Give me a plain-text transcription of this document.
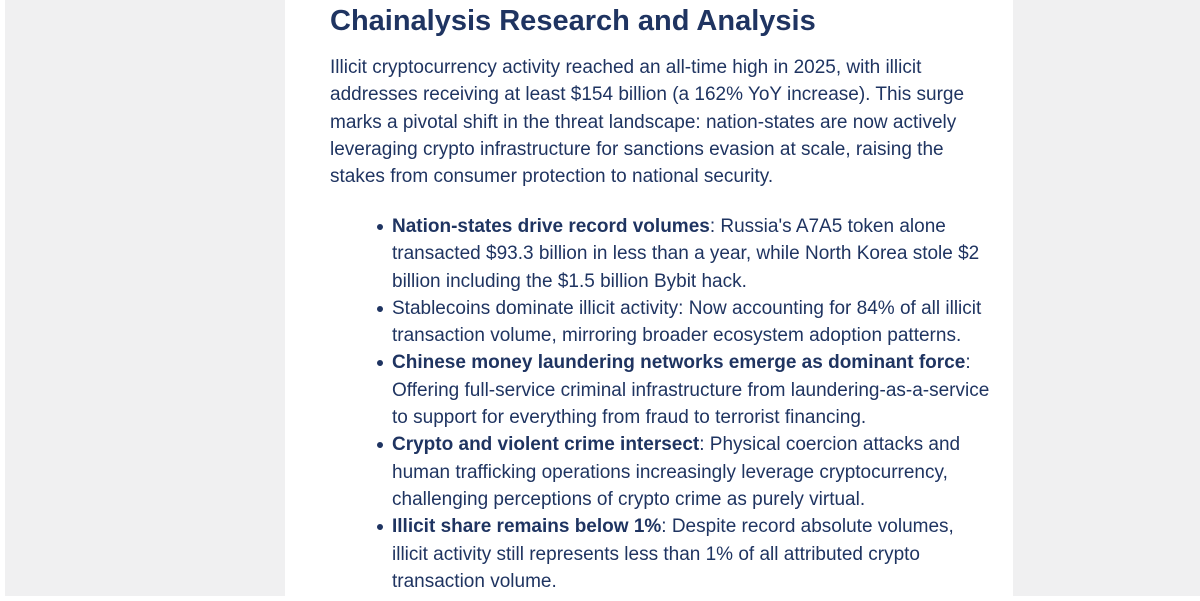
Chainalysis Research and Analysis

Illicit cryptocurrency activity reached an all-time high in 2025, with illicit addresses receiving at least $154 billion (a 162% YoY increase). This surge marks a pivotal shift in the threat landscape: nation-states are now actively leveraging crypto infrastructure for sanctions evasion at scale, raising the stakes from consumer protection to national security.

Nation-states drive record volumes: Russia's A7A5 token alone transacted $93.3 billion in less than a year, while North Korea stole $2 billion including the $1.5 billion Bybit hack.
Stablecoins dominate illicit activity: Now accounting for 84% of all illicit transaction volume, mirroring broader ecosystem adoption patterns.
Chinese money laundering networks emerge as dominant force: Offering full-service criminal infrastructure from laundering-as-a-service to support for everything from fraud to terrorist financing.
Crypto and violent crime intersect: Physical coercion attacks and human trafficking operations increasingly leverage cryptocurrency, challenging perceptions of crypto crime as purely virtual.
Illicit share remains below 1%: Despite record absolute volumes, illicit activity still represents less than 1% of all attributed crypto transaction volume.
